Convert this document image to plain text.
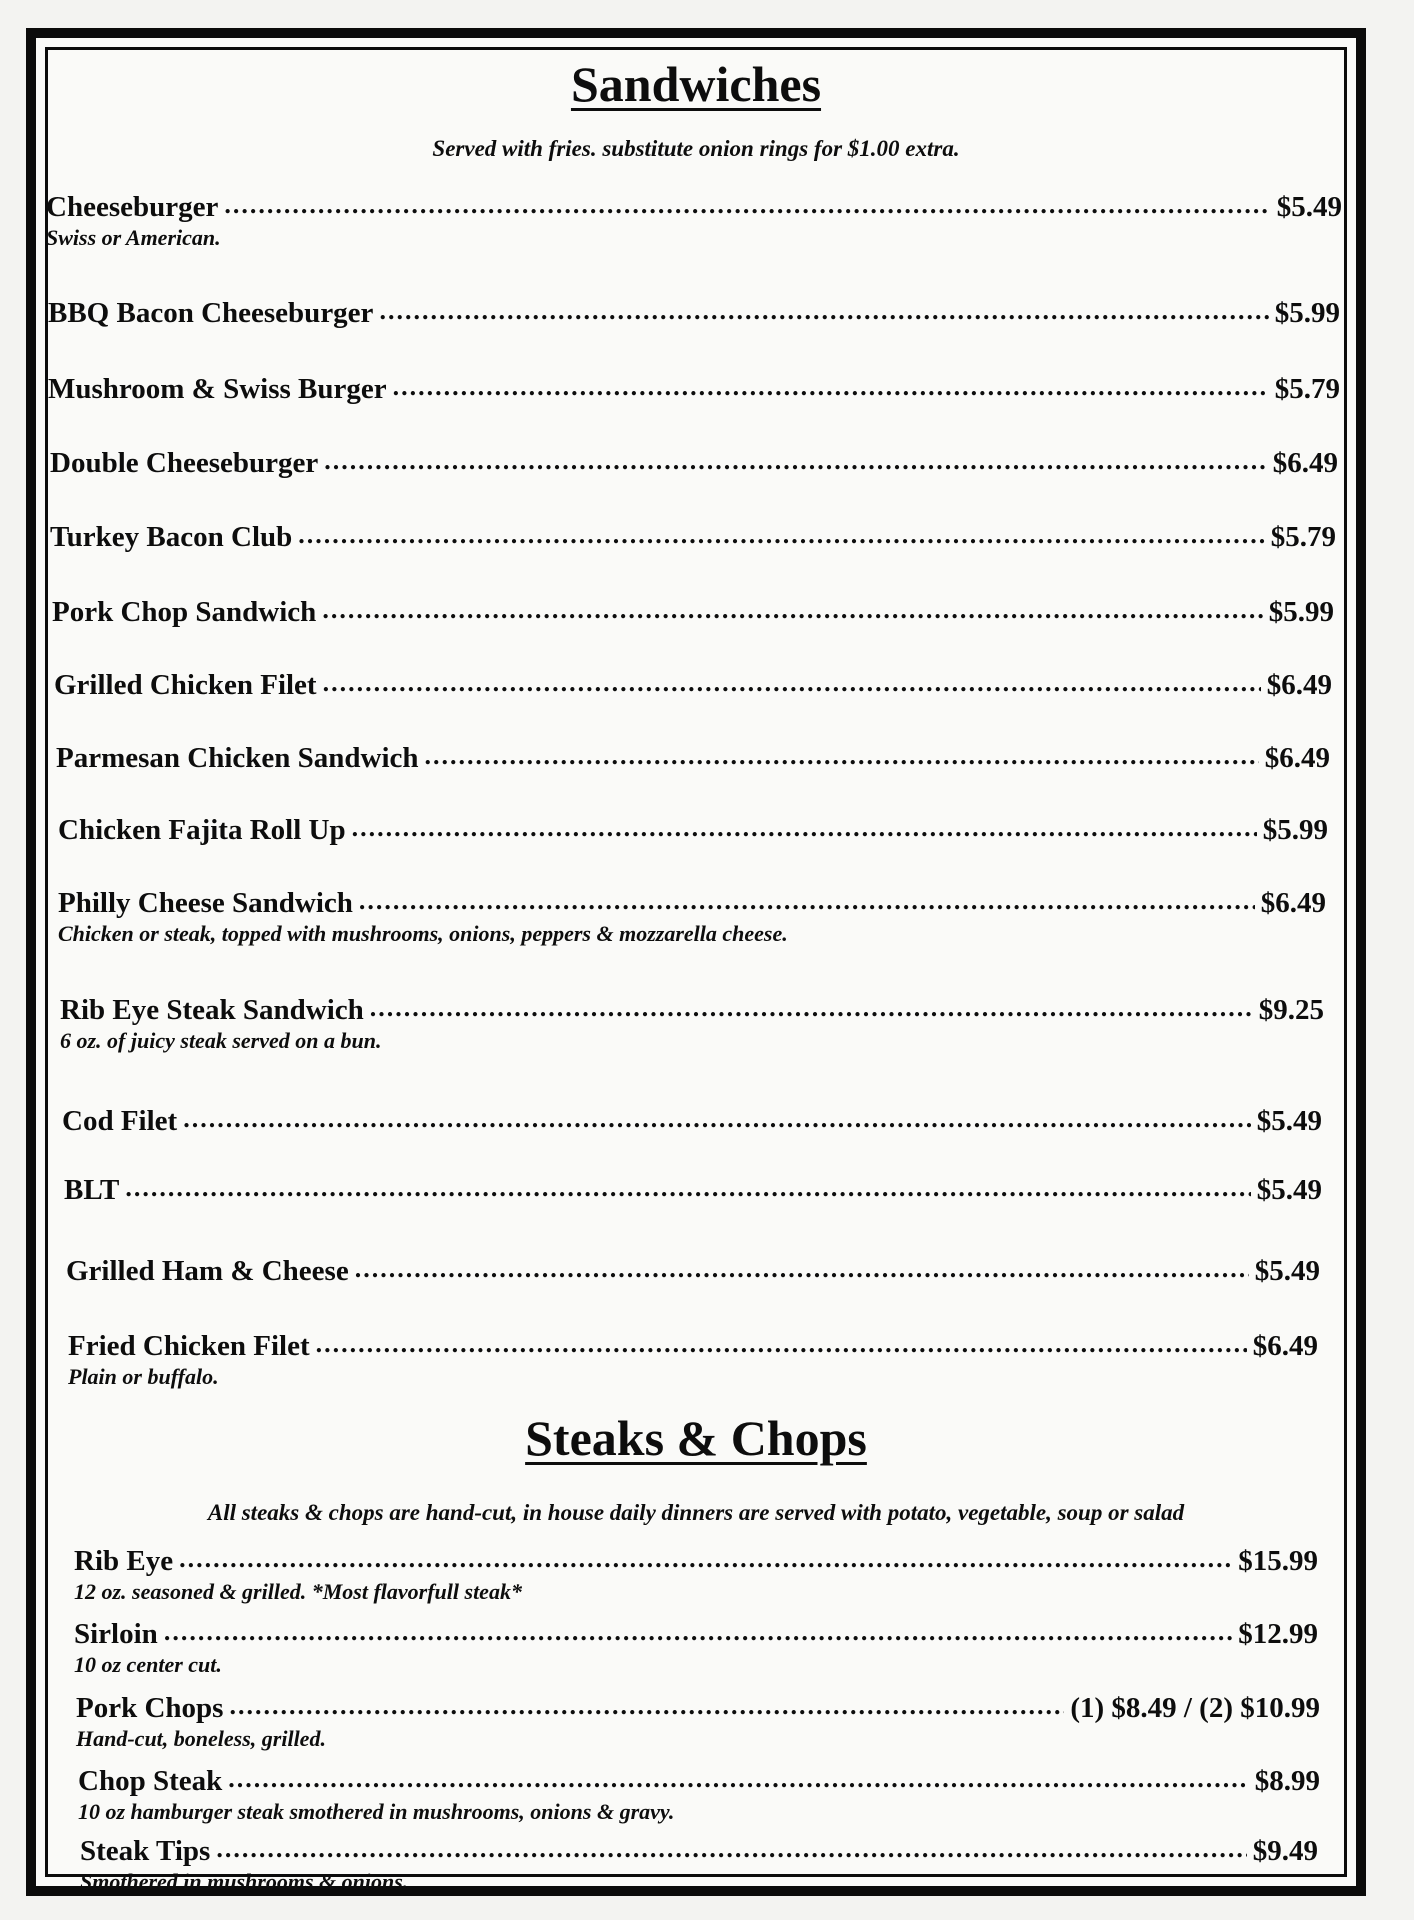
Sandwiches

Served with fries. substitute onion rings for $1.00 extra.

Cheeseburger .....	$5.49
Swiss or American.
BBQ Bacon Cheeseburger .....	$5.99
Mushroom & Swiss Burger .....	$5.79
Double Cheeseburger .....	$6.49
Turkey Bacon Club .....	$5.79
Pork Chop Sandwich .....	$5.99
Grilled Chicken Filet .....	$6.49
Parmesan Chicken Sandwich .....	$6.49
Chicken Fajita Roll Up .....	$5.99
Philly Cheese Sandwich .....	$6.49
Chicken or steak, topped with mushrooms, onions, peppers & mozzarella cheese.
Rib Eye Steak Sandwich .....	$9.25
6 oz. of juicy steak served on a bun.
Cod Filet .....	$5.49
BLT .....	$5.49
Grilled Ham & Cheese .....	$5.49
Fried Chicken Filet .....	$6.49
Plain or buffalo.
Steaks & Chops

All steaks & chops are hand-cut, in house daily dinners are served with potato, vegetable, soup or salad

Rib Eye .....	$15.99
12 oz. seasoned & grilled. *Most flavorfull steak*
Sirloin .....	$12.99
10 oz center cut.
Pork Chops .....	(1) $8.49 / (2) $10.99
Hand-cut, boneless, grilled.
Chop Steak .....	$8.99
10 oz hamburger steak smothered in mushrooms, onions & gravy.
Steak Tips .....	$9.49
Smothered in mushrooms & onions.
